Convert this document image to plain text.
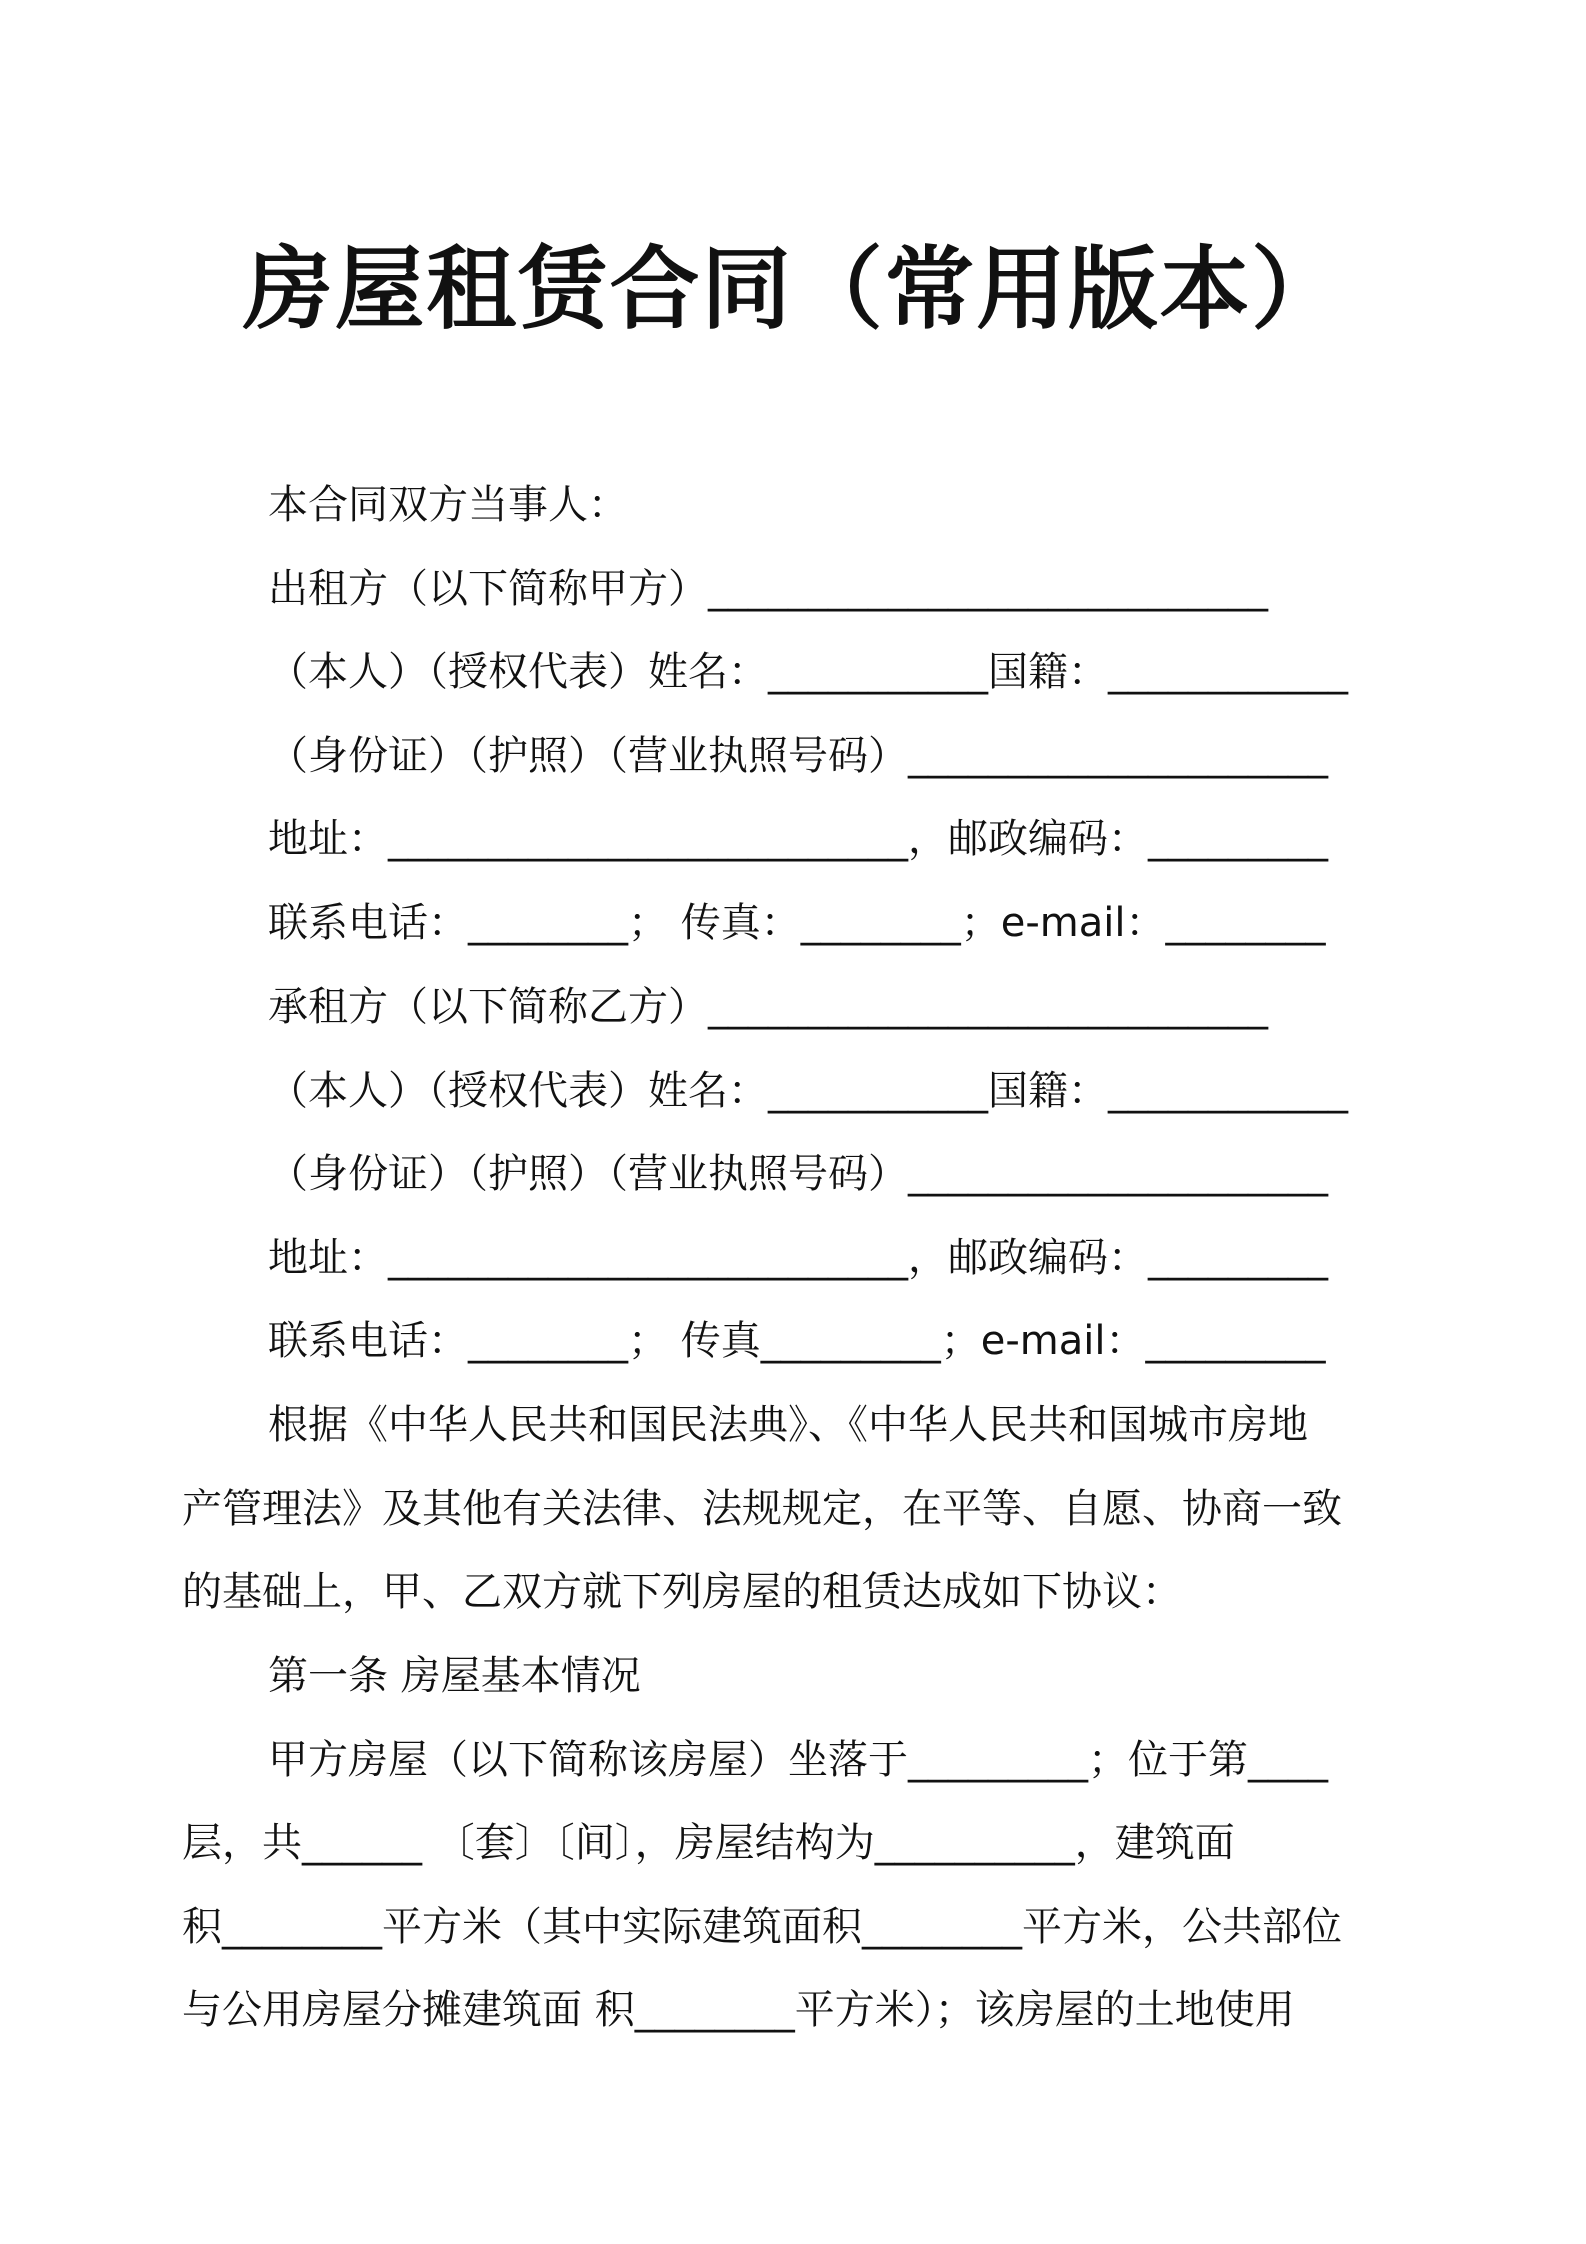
房屋租赁合同（常用版本）
本合同双方当事人：
出租方（以下简称甲方）____________________________
（本人）（授权代表）姓名：___________国籍：____________
（身份证）（护照）（营业执照号码）_____________________
地址：__________________________，邮政编码：_________
联系电话：________； 传真：________；e-mail：________
承租方（以下简称乙方）____________________________
（本人）（授权代表）姓名：___________国籍：____________
（身份证）（护照）（营业执照号码）_____________________
地址：__________________________，邮政编码：_________
联系电话：________； 传真_________；e-mail：_________
根据《中华人民共和国民法典》、《中华人民共和国城市房地
产管理法》及其他有关法律、法规规定，在平等、自愿、协商一致
的基础上，甲、乙双方就下列房屋的租赁达成如下协议：
第一条 房屋基本情况
甲方房屋（以下简称该房屋）坐落于_________；位于第____
层，共______ 〔套〕〔间〕，房屋结构为__________，建筑面
积________平方米（其中实际建筑面积________平方米，公共部位
与公用房屋分摊建筑面 积________平方米）；该房屋的土地使用
